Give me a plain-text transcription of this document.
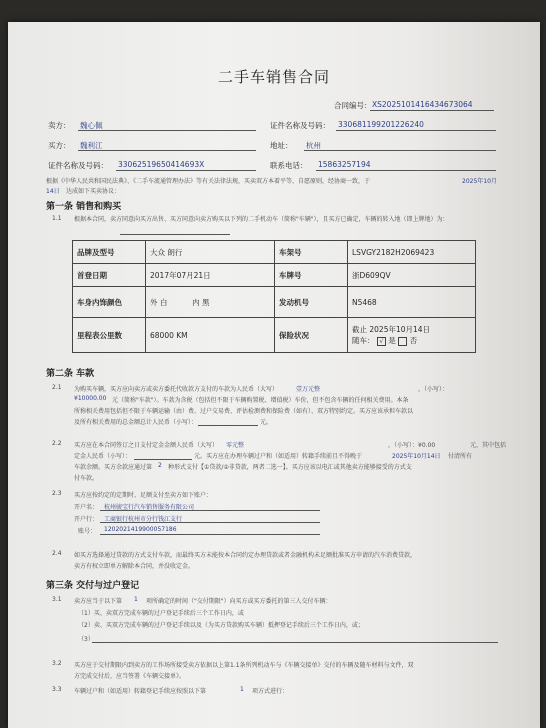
二手车销售合同
合同编号： XS2025101416434673064
卖方： 魏心佩	证件名称及号码： 330681199201226240
买方： 魏利江	地址： 杭州
证件名称及号码： 33062519650414693X	联系电话： 15863257194
根据《中华人民共和国民法典》、《二手车流通管理办法》等有关法律法规，买卖双方本着平等、自愿原则，经协商一致，于	2025年10月
14日 达成如下买卖协议：
第一条 销售和购买
1.1 根据本合同，卖方同意向买方出售、买方同意向卖方购买以下列的二手机动车（简称"车辆"），且买方已确定，车辆的转入地（即上牌地）为：
品牌及型号	大众 朗行	车架号	LSVGY2182H2069423
首登日期	2017年07月21日	车牌号	浙D609QV
车身内饰颜色	外 白 内 黑	发动机号	N5468
里程表公里数	68000 KM	保险状况	截止 2025年10月14日
随车： √ 是 否
第二条 车款
2.1 为购买车辆，买方应向卖方或卖方委托代收款方支付的车款为人民币（大写）	壹万元整	，（小写）：
¥10000.00 元（简称"车款"）。车款为含税（包括但不限于车辆购置税、增值税）车价，但不包含车辆的任何相关费用。本条
所称相关费用包括但不限于车辆运输（由）费、过户交易费、评估检测费和保险费（如有）、双方特别约定。买方应该承担车款以
及所有相关费用的总金额总计人民币（小写）：	元。
2.2 买方应在本合同签订之日支付定金金额人民币（大写） 零元整	，（小写）：¥0.00	元，其中包括
定金人民币（小写）：	元。买方应在办理车辆过户和（如适用）转籍手续前且不得晚于	2025年10月14日 付清所有
车款余额。买方余款应通过第 2 种形式支付【①贷款/②非贷款，两者二选一】。买方应该以电汇或其他卖方能够接受的方式支
付车款。
2.3 买方应按约定的定期时、足额支付至卖方如下账户：
开户名： 杭州骏宝行汽车销售服务有限公司
开户行： 工商银行杭州市分行钱江支行
账号： 1202021419900057186
2.4 如买方选择通过贷款的方式支付车款，而最终买方未能按本合同约定办理贷款或者金融机构未足额批准买方申请的汽车消费贷款，
卖方有权立即单方解除本合同，并没收定金。
第三条 交付与过户登记
3.1 卖方应当于以下第 1 项所确定的时间（"交付期限"）向买方或买方委托的第三人交付车辆：
（1）买、卖双方完成车辆的过户登记手续后三个工作日内，或
（2）卖、买双方完成车辆的过户登记手续以及（为买方贷款购买车辆）抵押登记手续后三个工作日内，或；
（3）
3.2 买方应于交付期限内到卖方的工作场所接受卖方依据以上第1.1条所列机动车与《车辆交接单》交付的车辆及随车材料与文件，双
方完成交付后，应当签署《车辆交接单》。
3.3 车辆过户和（如适用）转籍登记手续应按照以下第	1 项方式进行：
